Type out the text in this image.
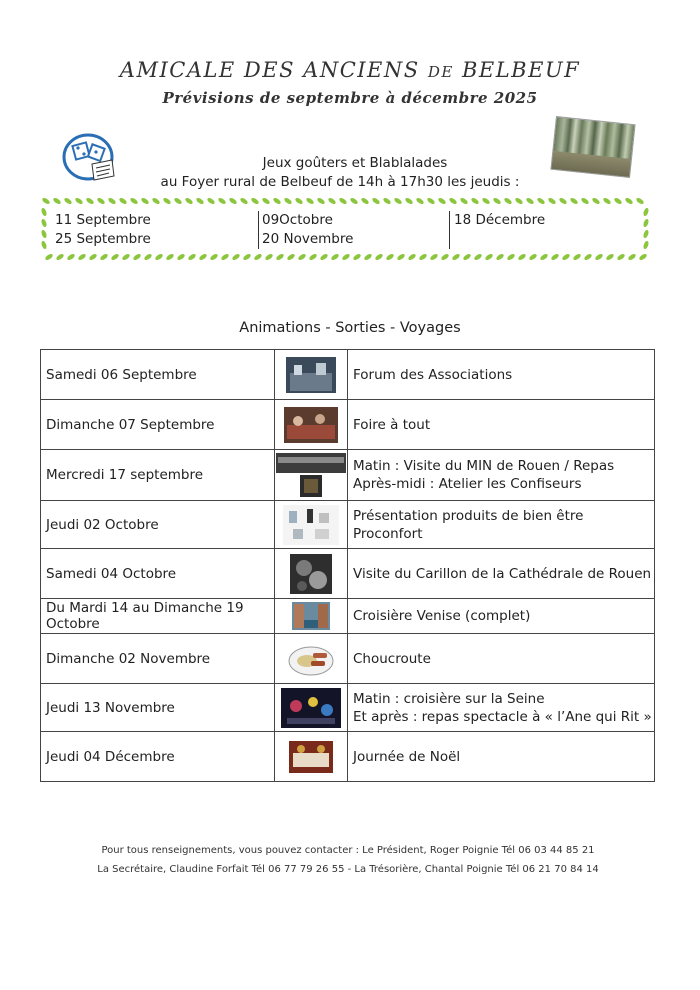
AMICALE DES ANCIENS de BELBEUF
Prévisions de septembre à décembre 2025
Jeux goûters et Blablalades
au Foyer rural de Belbeuf de 14h à 17h30 les jeudis :
11 Septembre
25 Septembre
09Octobre
20 Novembre
18 Décembre
Animations - Sorties - Voyages
Samedi 06 Septembre		Forum des Associations

Dimanche 07 Septembre		Foire à tout

Mercredi 17 septembre		Matin : Visite du MIN de Rouen / Repas
Après-midi : Atelier les Confiseurs

Jeudi 02 Octobre		Présentation produits de bien être
Proconfort

Samedi 04 Octobre		Visite du Carillon de la Cathédrale de Rouen

Du Mardi 14 au Dimanche 19 Octobre		Croisière Venise (complet)

Dimanche 02 Novembre		Choucroute

Jeudi 13 Novembre		Matin : croisière sur la Seine
Et après : repas spectacle à « l’Ane qui Rit »

Jeudi 04 Décembre		Journée de Noël
Pour tous renseignements, vous pouvez contacter : Le Président, Roger Poignie Tél 06 03 44 85 21
La Secrétaire, Claudine Forfait Tél 06 77 79 26 55 - La Trésorière, Chantal Poignie Tél 06 21 70 84 14
